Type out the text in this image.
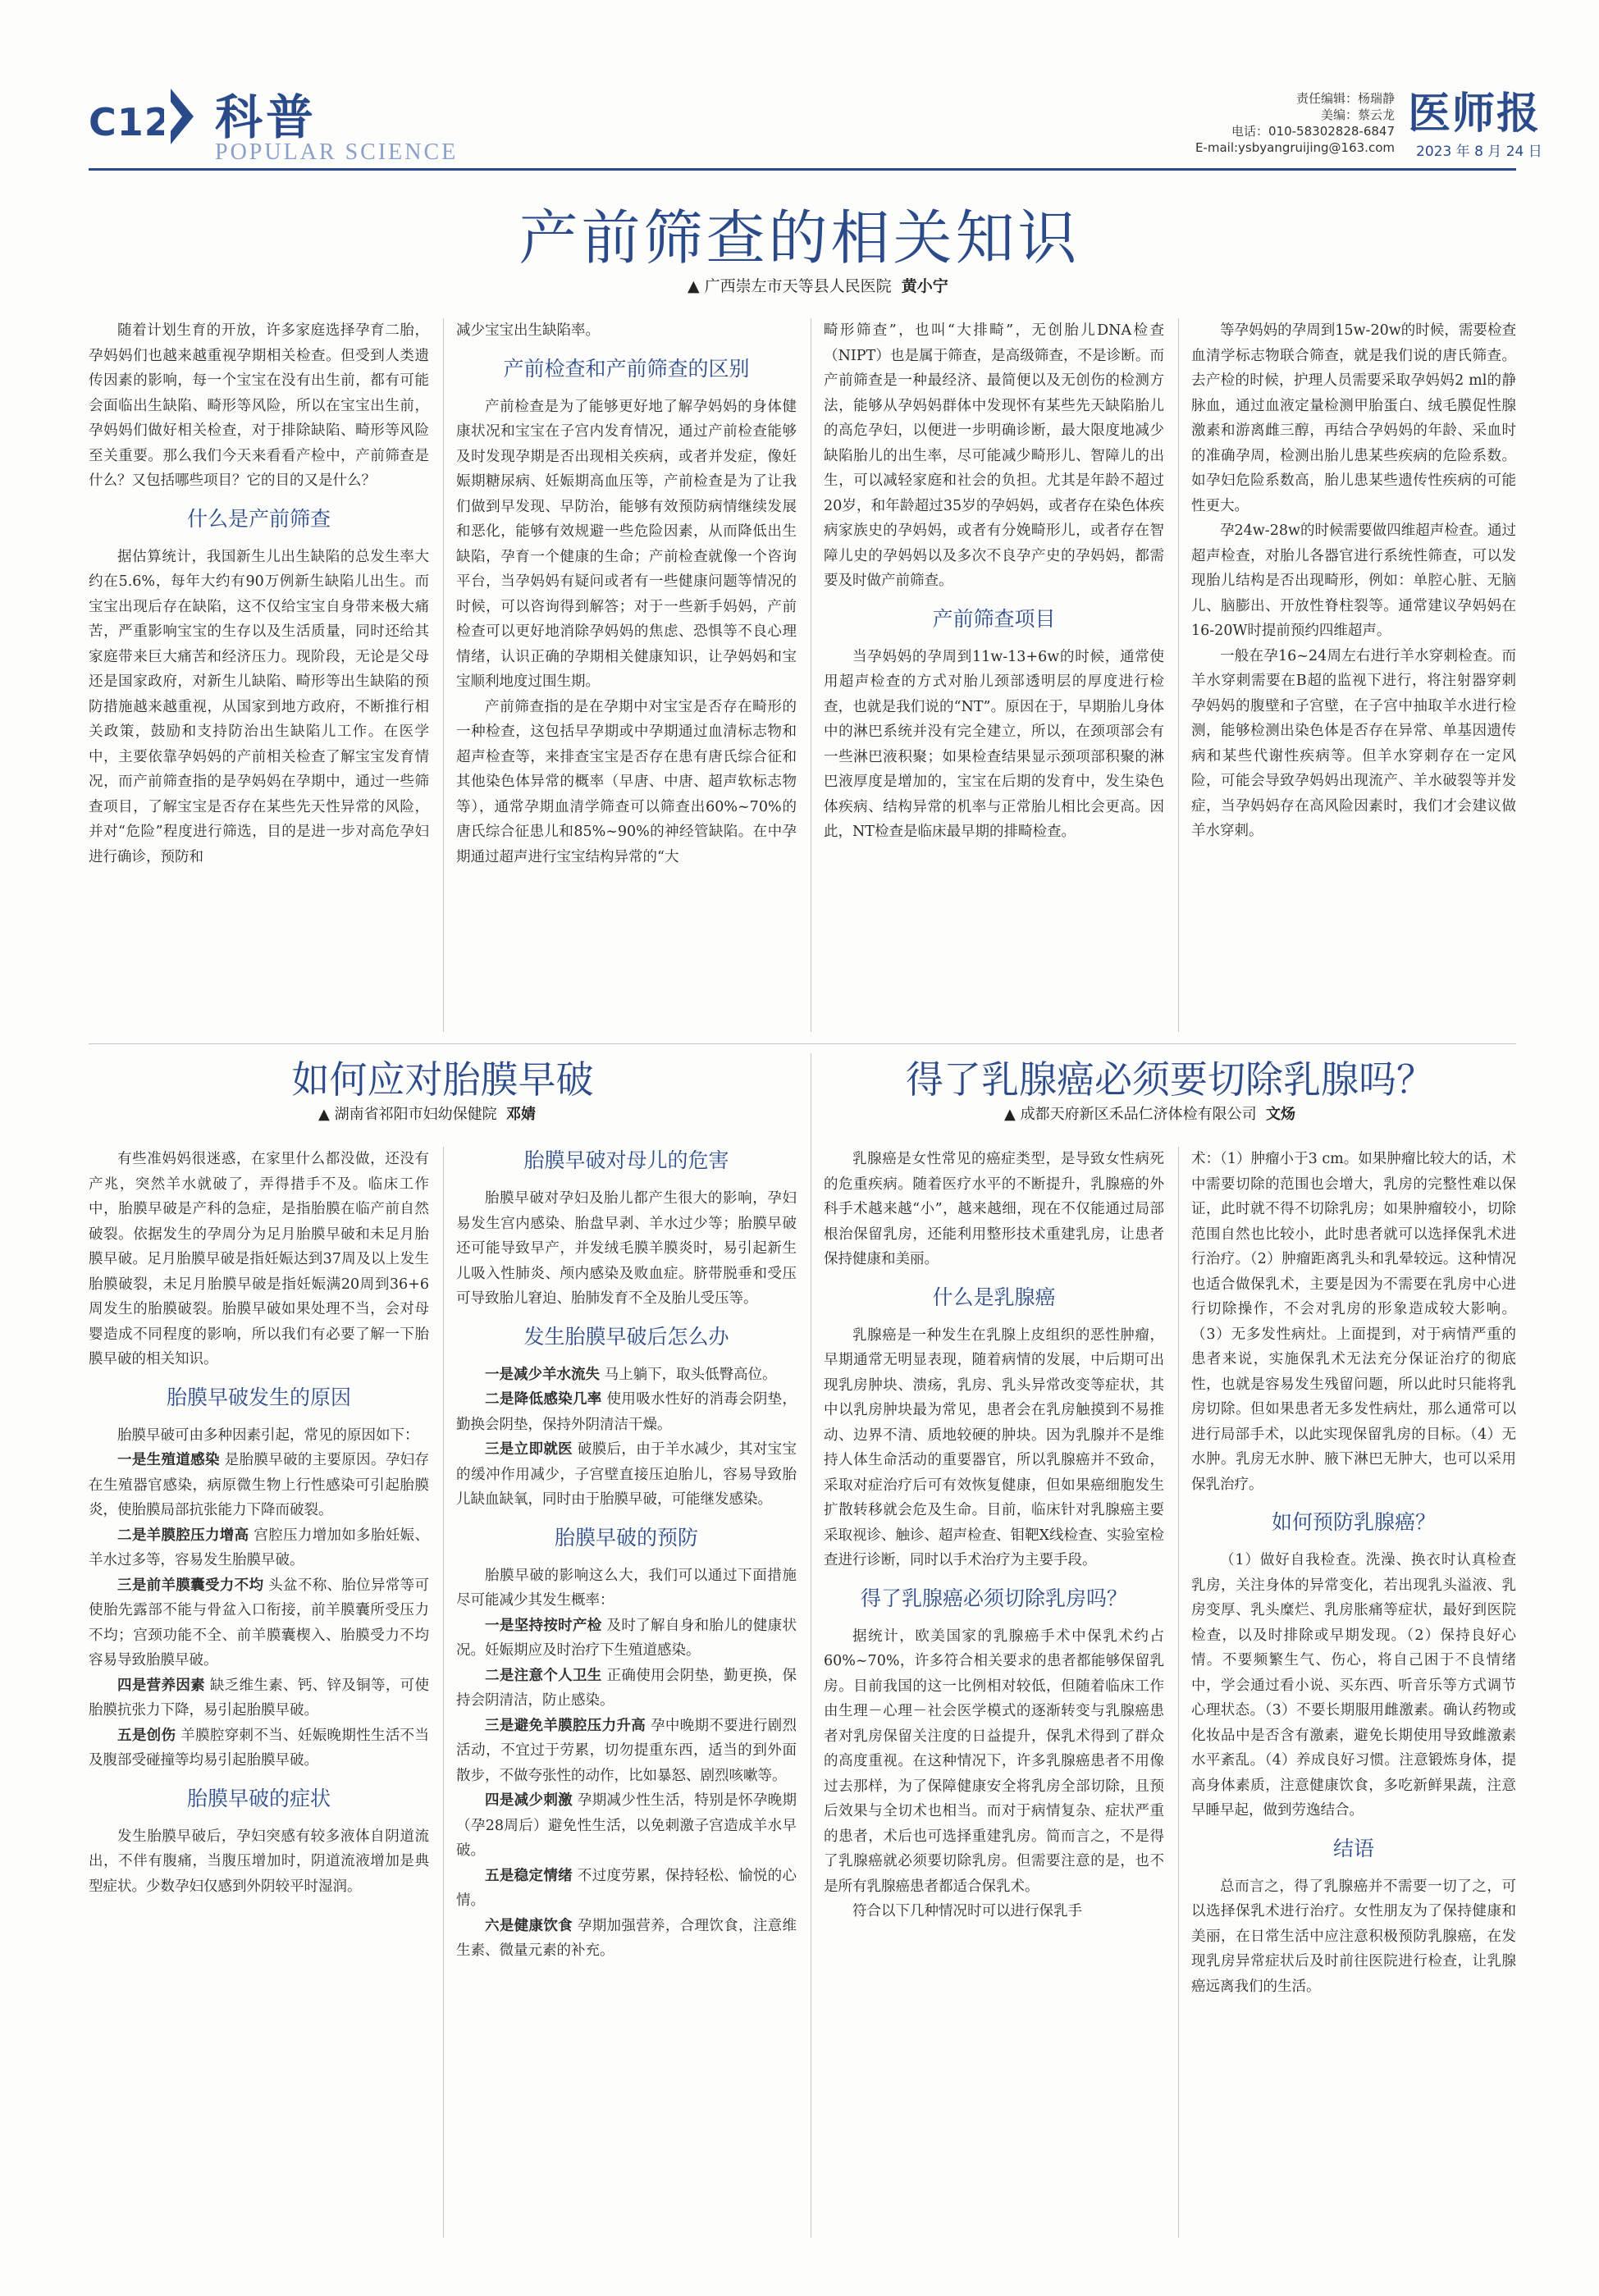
C12 科普
POPULAR SCIENCE
责任编辑：杨瑞静
美编：蔡云龙
电话：010-58302828-6847
E-mail:ysbyangruijing@163.com
医师报
2023 年 8 月 24 日
产前筛查的相关知识
▲ 广西崇左市天等县人民医院 黄小宁

随着计划生育的开放，许多家庭选择孕育二胎，孕妈妈们也越来越重视孕期相关检查。但受到人类遗传因素的影响，每一个宝宝在没有出生前，都有可能会面临出生缺陷、畸形等风险，所以在宝宝出生前，孕妈妈们做好相关检查，对于排除缺陷、畸形等风险至关重要。那么我们今天来看看产检中，产前筛查是什么？又包括哪些项目？它的目的又是什么？

什么是产前筛查

据估算统计，我国新生儿出生缺陷的总发生率大约在5.6%，每年大约有90万例新生缺陷儿出生。而宝宝出现后存在缺陷，这不仅给宝宝自身带来极大痛苦，严重影响宝宝的生存以及生活质量，同时还给其家庭带来巨大痛苦和经济压力。现阶段，无论是父母还是国家政府，对新生儿缺陷、畸形等出生缺陷的预防措施越来越重视，从国家到地方政府，不断推行相关政策，鼓励和支持防治出生缺陷儿工作。在医学中，主要依靠孕妈妈的产前相关检查了解宝宝发育情况，而产前筛查指的是孕妈妈在孕期中，通过一些筛查项目，了解宝宝是否存在某些先天性异常的风险，并对“危险”程度进行筛选，目的是进一步对高危孕妇进行确诊，预防和

减少宝宝出生缺陷率。

产前检查和产前筛查的区别

产前检查是为了能够更好地了解孕妈妈的身体健康状况和宝宝在子宫内发育情况，通过产前检查能够及时发现孕期是否出现相关疾病，或者并发症，像妊娠期糖尿病、妊娠期高血压等，产前检查是为了让我们做到早发现、早防治，能够有效预防病情继续发展和恶化，能够有效规避一些危险因素，从而降低出生缺陷，孕育一个健康的生命；产前检查就像一个咨询平台，当孕妈妈有疑问或者有一些健康问题等情况的时候，可以咨询得到解答；对于一些新手妈妈，产前检查可以更好地消除孕妈妈的焦虑、恐惧等不良心理情绪，认识正确的孕期相关健康知识，让孕妈妈和宝宝顺利地度过围生期。

产前筛查指的是在孕期中对宝宝是否存在畸形的一种检查，这包括早孕期或中孕期通过血清标志物和超声检查等，来排查宝宝是否存在患有唐氏综合征和其他染色体异常的概率（早唐、中唐、超声软标志物等），通常孕期血清学筛查可以筛查出60%~70%的唐氏综合征患儿和85%~90%的神经管缺陷。在中孕期通过超声进行宝宝结构异常的“大

畸形筛查”，也叫“大排畸”，无创胎儿DNA检查（NIPT）也是属于筛查，是高级筛查，不是诊断。而产前筛查是一种最经济、最简便以及无创伤的检测方法，能够从孕妈妈群体中发现怀有某些先天缺陷胎儿的高危孕妇，以便进一步明确诊断，最大限度地减少缺陷胎儿的出生率，尽可能减少畸形儿、智障儿的出生，可以减轻家庭和社会的负担。尤其是年龄不超过20岁，和年龄超过35岁的孕妈妈，或者存在染色体疾病家族史的孕妈妈，或者有分娩畸形儿，或者存在智障儿史的孕妈妈以及多次不良孕产史的孕妈妈，都需要及时做产前筛查。

产前筛查项目

当孕妈妈的孕周到11w-13+6w的时候，通常使用超声检查的方式对胎儿颈部透明层的厚度进行检查，也就是我们说的“NT”。原因在于，早期胎儿身体中的淋巴系统并没有完全建立，所以，在颈项部会有一些淋巴液积聚；如果检查结果显示颈项部积聚的淋巴液厚度是增加的，宝宝在后期的发育中，发生染色体疾病、结构异常的机率与正常胎儿相比会更高。因此，NT检查是临床最早期的排畸检查。

等孕妈妈的孕周到15w-20w的时候，需要检查血清学标志物联合筛查，就是我们说的唐氏筛查。去产检的时候，护理人员需要采取孕妈妈2 ml的静脉血，通过血液定量检测甲胎蛋白、绒毛膜促性腺激素和游离雌三醇，再结合孕妈妈的年龄、采血时的准确孕周，检测出胎儿患某些疾病的危险系数。如孕妇危险系数高，胎儿患某些遗传性疾病的可能性更大。

孕24w-28w的时候需要做四维超声检查。通过超声检查，对胎儿各器官进行系统性筛查，可以发现胎儿结构是否出现畸形，例如：单腔心脏、无脑儿、脑膨出、开放性脊柱裂等。通常建议孕妈妈在16-20W时提前预约四维超声。

一般在孕16~24周左右进行羊水穿刺检查。而羊水穿刺需要在B超的监视下进行，将注射器穿刺孕妈妈的腹壁和子宫壁，在子宫中抽取羊水进行检测，能够检测出染色体是否存在异常、单基因遗传病和某些代谢性疾病等。但羊水穿刺存在一定风险，可能会导致孕妈妈出现流产、羊水破裂等并发症，当孕妈妈存在高风险因素时，我们才会建议做羊水穿刺。

如何应对胎膜早破
▲ 湖南省祁阳市妇幼保健院 邓婧

有些准妈妈很迷惑，在家里什么都没做，还没有产兆，突然羊水就破了，弄得措手不及。临床工作中，胎膜早破是产科的急症，是指胎膜在临产前自然破裂。依据发生的孕周分为足月胎膜早破和未足月胎膜早破。足月胎膜早破是指妊娠达到37周及以上发生胎膜破裂，未足月胎膜早破是指妊娠满20周到36+6周发生的胎膜破裂。胎膜早破如果处理不当，会对母婴造成不同程度的影响，所以我们有必要了解一下胎膜早破的相关知识。

胎膜早破发生的原因

胎膜早破可由多种因素引起，常见的原因如下：

一是生殖道感染 是胎膜早破的主要原因。孕妇存在生殖器官感染，病原微生物上行性感染可引起胎膜炎，使胎膜局部抗张能力下降而破裂。

二是羊膜腔压力增高 宫腔压力增加如多胎妊娠、羊水过多等，容易发生胎膜早破。

三是前羊膜囊受力不均 头盆不称、胎位异常等可使胎先露部不能与骨盆入口衔接，前羊膜囊所受压力不均；宫颈功能不全、前羊膜囊楔入、胎膜受力不均容易导致胎膜早破。

四是营养因素 缺乏维生素、钙、锌及铜等，可使胎膜抗张力下降，易引起胎膜早破。

五是创伤 羊膜腔穿刺不当、妊娠晚期性生活不当及腹部受碰撞等均易引起胎膜早破。

胎膜早破的症状

发生胎膜早破后，孕妇突感有较多液体自阴道流出，不伴有腹痛，当腹压增加时，阴道流液增加是典型症状。少数孕妇仅感到外阴较平时湿润。

胎膜早破对母儿的危害

胎膜早破对孕妇及胎儿都产生很大的影响，孕妇易发生宫内感染、胎盘早剥、羊水过少等；胎膜早破还可能导致早产，并发绒毛膜羊膜炎时，易引起新生儿吸入性肺炎、颅内感染及败血症。脐带脱垂和受压可导致胎儿窘迫、胎肺发育不全及胎儿受压等。

发生胎膜早破后怎么办

一是减少羊水流失 马上躺下，取头低臀高位。

二是降低感染几率 使用吸水性好的消毒会阴垫，勤换会阴垫，保持外阴清洁干燥。

三是立即就医 破膜后，由于羊水减少，其对宝宝的缓冲作用减少，子宫壁直接压迫胎儿，容易导致胎儿缺血缺氧，同时由于胎膜早破，可能继发感染。

胎膜早破的预防

胎膜早破的影响这么大，我们可以通过下面措施尽可能减少其发生概率：

一是坚持按时产检 及时了解自身和胎儿的健康状况。妊娠期应及时治疗下生殖道感染。

二是注意个人卫生 正确使用会阴垫，勤更换，保持会阴清洁，防止感染。

三是避免羊膜腔压力升高 孕中晚期不要进行剧烈活动，不宜过于劳累，切勿提重东西，适当的到外面散步，不做夸张性的动作，比如暴怒、剧烈咳嗽等。

四是减少刺激 孕期减少性生活，特别是怀孕晚期（孕28周后）避免性生活，以免刺激子宫造成羊水早破。

五是稳定情绪 不过度劳累，保持轻松、愉悦的心情。

六是健康饮食 孕期加强营养，合理饮食，注意维生素、微量元素的补充。

得了乳腺癌必须要切除乳腺吗？
▲ 成都天府新区禾品仁济体检有限公司 文炀

乳腺癌是女性常见的癌症类型，是导致女性病死的危重疾病。随着医疗水平的不断提升，乳腺癌的外科手术越来越“小”，越来越细，现在不仅能通过局部根治保留乳房，还能利用整形技术重建乳房，让患者保持健康和美丽。

什么是乳腺癌

乳腺癌是一种发生在乳腺上皮组织的恶性肿瘤，早期通常无明显表现，随着病情的发展，中后期可出现乳房肿块、溃疡，乳房、乳头异常改变等症状，其中以乳房肿块最为常见，患者会在乳房触摸到不易推动、边界不清、质地较硬的肿块。因为乳腺并不是维持人体生命活动的重要器官，所以乳腺癌并不致命，采取对症治疗后可有效恢复健康，但如果癌细胞发生扩散转移就会危及生命。目前，临床针对乳腺癌主要采取视诊、触诊、超声检查、钼靶X线检查、实验室检查进行诊断，同时以手术治疗为主要手段。

得了乳腺癌必须切除乳房吗？

据统计，欧美国家的乳腺癌手术中保乳术约占60%~70%，许多符合相关要求的患者都能够保留乳房。目前我国的这一比例相对较低，但随着临床工作由生理－心理－社会医学模式的逐渐转变与乳腺癌患者对乳房保留关注度的日益提升，保乳术得到了群众的高度重视。在这种情况下，许多乳腺癌患者不用像过去那样，为了保障健康安全将乳房全部切除，且预后效果与全切术也相当。而对于病情复杂、症状严重的患者，术后也可选择重建乳房。简而言之，不是得了乳腺癌就必须要切除乳房。但需要注意的是，也不是所有乳腺癌患者都适合保乳术。

符合以下几种情况时可以进行保乳手

术：（1）肿瘤小于3 cm。如果肿瘤比较大的话，术中需要切除的范围也会增大，乳房的完整性难以保证，此时就不得不切除乳房；如果肿瘤较小，切除范围自然也比较小，此时患者就可以选择保乳术进行治疗。（2）肿瘤距离乳头和乳晕较远。这种情况也适合做保乳术，主要是因为不需要在乳房中心进行切除操作，不会对乳房的形象造成较大影响。（3）无多发性病灶。上面提到，对于病情严重的患者来说，实施保乳术无法充分保证治疗的彻底性，也就是容易发生残留问题，所以此时只能将乳房切除。但如果患者无多发性病灶，那么通常可以进行局部手术，以此实现保留乳房的目标。（4）无水肿。乳房无水肿、腋下淋巴无肿大，也可以采用保乳治疗。

如何预防乳腺癌？

（1）做好自我检查。洗澡、换衣时认真检查乳房，关注身体的异常变化，若出现乳头溢液、乳房变厚、乳头糜烂、乳房胀痛等症状，最好到医院检查，以及时排除或早期发现。（2）保持良好心情。不要频繁生气、伤心，将自己困于不良情绪中，学会通过看小说、买东西、听音乐等方式调节心理状态。（3）不要长期服用雌激素。确认药物或化妆品中是否含有激素，避免长期使用导致雌激素水平紊乱。（4）养成良好习惯。注意锻炼身体，提高身体素质，注意健康饮食，多吃新鲜果蔬，注意早睡早起，做到劳逸结合。

结语

总而言之，得了乳腺癌并不需要一切了之，可以选择保乳术进行治疗。女性朋友为了保持健康和美丽，在日常生活中应注意积极预防乳腺癌，在发现乳房异常症状后及时前往医院进行检查，让乳腺癌远离我们的生活。
